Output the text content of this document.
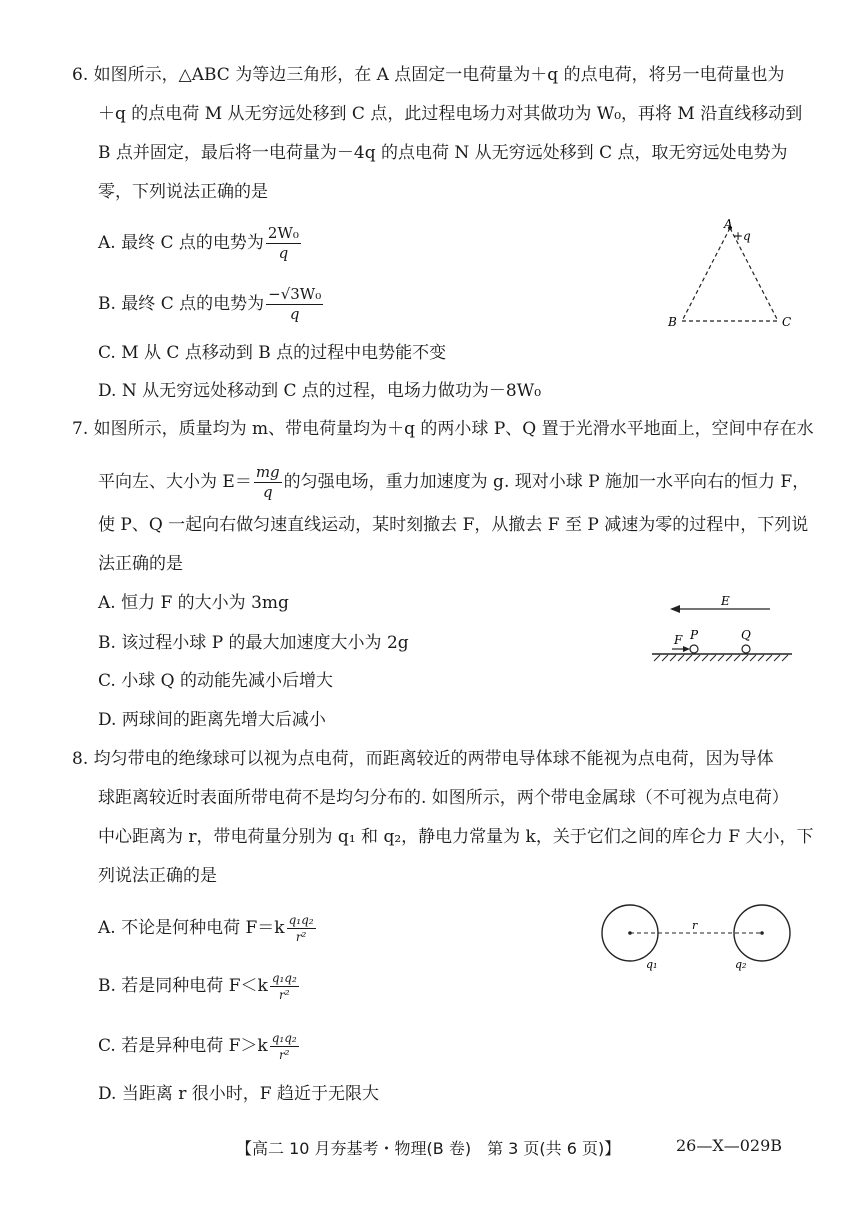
6. 如图所示，△ABC 为等边三角形，在 A 点固定一电荷量为＋q 的点电荷，将另一电荷量也为
＋q 的点电荷 M 从无穷远处移到 C 点，此过程电场力对其做功为 W₀，再将 M 沿直线移动到
B 点并固定，最后将一电荷量为－4q 的点电荷 N 从无穷远处移到 C 点，取无穷远处电势为
零，下列说法正确的是
A. 最终 C 点的电势为 $\frac{\text{2W₀}}{q}$
B. 最终 C 点的电势为 $\frac{\text{−√3W₀}}{q}$
C. M 从 C 点移动到 B 点的过程中电势能不变
D. N 从无穷远处移动到 C 点的过程，电场力做功为－8W₀
A
+q
B	C
7. 如图所示，质量均为 m、带电荷量均为＋q 的两小球 P、Q 置于光滑水平地面上，空间中存在水
平向左、大小为 $E= \frac{mg}{q}$ 的匀强电场，重力加速度为 g. 现对小球 P 施加一水平向右的恒力 F，
使 P、Q 一起向右做匀速直线运动，某时刻撤去 F，从撤去 F 至 P 减速为零的过程中，下列说
法正确的是
A. 恒力 F 的大小为 3mg
B. 该过程小球 P 的最大加速度大小为 2g
C. 小球 Q 的动能先减小后增大
D. 两球间的距离先增大后减小
E
F P	Q
8. 均匀带电的绝缘球可以视为点电荷，而距离较近的两带电导体球不能视为点电荷，因为导体
球距离较近时表面所带电荷不是均匀分布的. 如图所示，两个带电金属球（不可视为点电荷）
中心距离为 r，带电荷量分别为 q₁ 和 q₂，静电力常量为 k，关于它们之间的库仑力 F 大小，下
列说法正确的是
A. 不论是何种电荷 $F=k \frac{\text{q₁q₂}}{\text{r²}}$
B. 若是同种电荷 $F<k \frac{\text{q₁q₂}}{\text{r²}}$
C. 若是异种电荷 $F>k \frac{\text{q₁q₂}}{\text{r²}}$
D. 当距离 r 很小时，F 趋近于无限大
r
q₁	q₂
【高二 10 月夯基考・物理(B 卷)　第 3 页(共 6 页)】	26—X—029B
